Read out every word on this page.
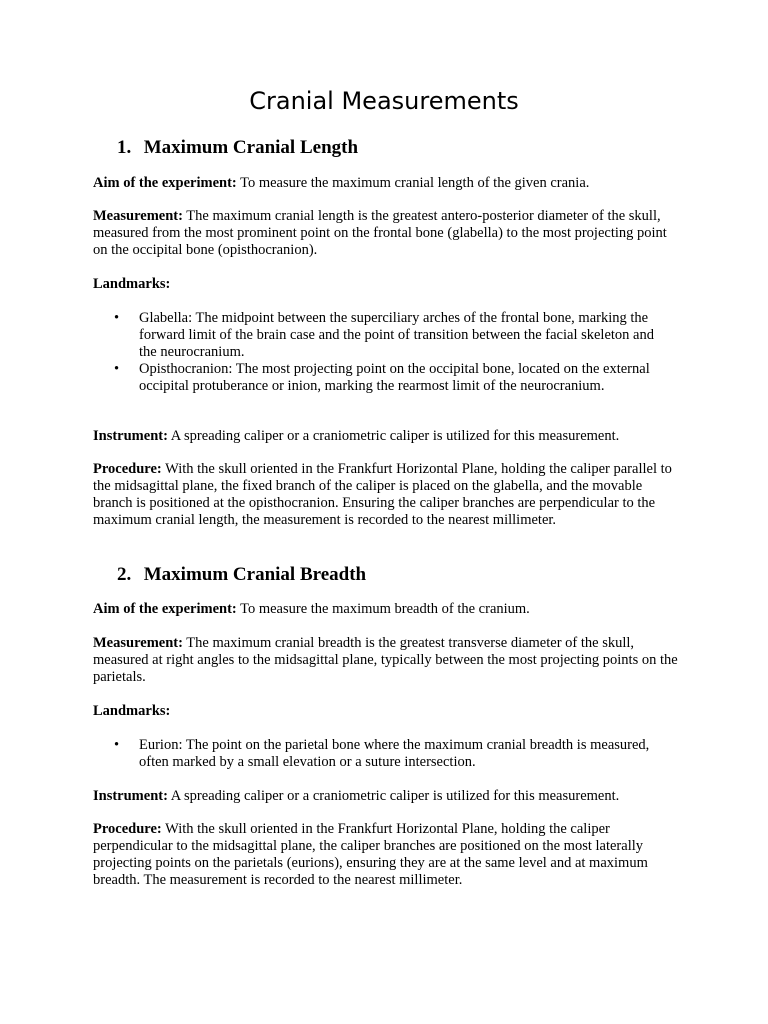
Cranial Measurements
1. Maximum Cranial Length

Aim of the experiment: To measure the maximum cranial length of the given crania.

Measurement: The maximum cranial length is the greatest antero-posterior diameter of the skull, measured from the most prominent point on the frontal bone (glabella) to the most projecting point on the occipital bone (opisthocranion).

Landmarks:

• Glabella: The midpoint between the superciliary arches of the frontal bone, marking the forward limit of the brain case and the point of transition between the facial skeleton and the neurocranium.
• Opisthocranion: The most projecting point on the occipital bone, located on the external occipital protuberance or inion, marking the rearmost limit of the neurocranium.

Instrument: A spreading caliper or a craniometric caliper is utilized for this measurement.

Procedure: With the skull oriented in the Frankfurt Horizontal Plane, holding the caliper parallel to the midsagittal plane, the fixed branch of the caliper is placed on the glabella, and the movable branch is positioned at the opisthocranion. Ensuring the caliper branches are perpendicular to the maximum cranial length, the measurement is recorded to the nearest millimeter.

2. Maximum Cranial Breadth

Aim of the experiment: To measure the maximum breadth of the cranium.

Measurement: The maximum cranial breadth is the greatest transverse diameter of the skull, measured at right angles to the midsagittal plane, typically between the most projecting points on the parietals.

Landmarks:

• Eurion: The point on the parietal bone where the maximum cranial breadth is measured, often marked by a small elevation or a suture intersection.

Instrument: A spreading caliper or a craniometric caliper is utilized for this measurement.

Procedure: With the skull oriented in the Frankfurt Horizontal Plane, holding the caliper perpendicular to the midsagittal plane, the caliper branches are positioned on the most laterally projecting points on the parietals (eurions), ensuring they are at the same level and at maximum breadth. The measurement is recorded to the nearest millimeter.
